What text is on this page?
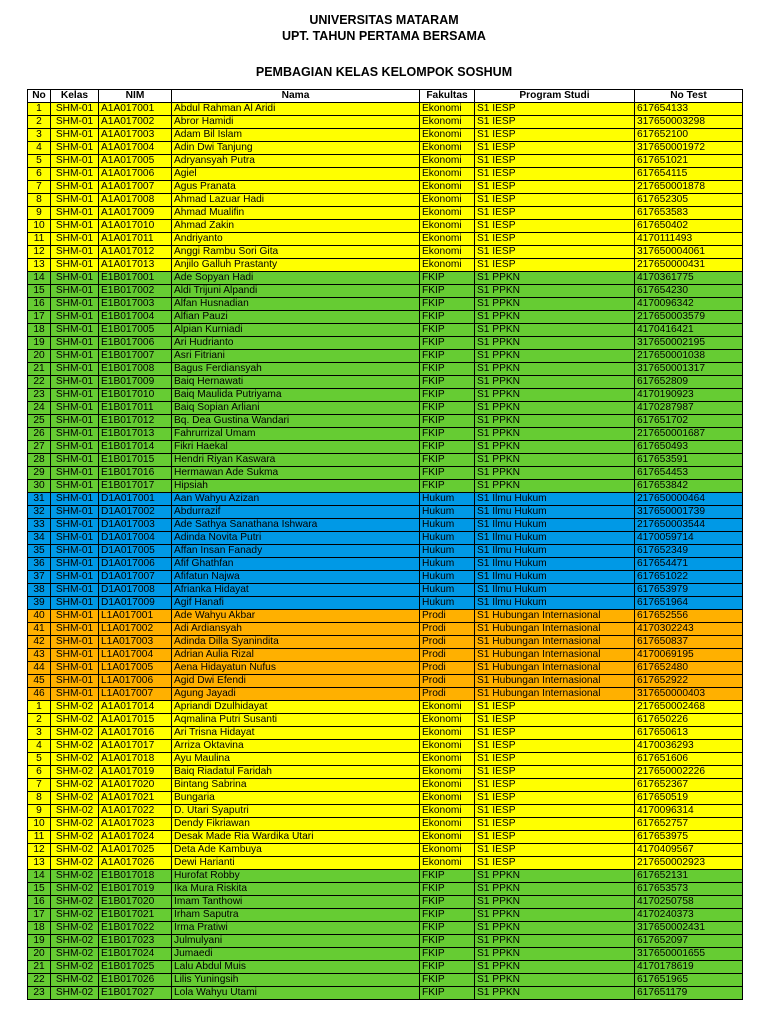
UNIVERSITAS MATARAM
UPT. TAHUN PERTAMA BERSAMA
PEMBAGIAN KELAS KELOMPOK SOSHUM
No	Kelas	NIM	Nama	Fakultas	Program Studi	No Test
1	SHM-01	A1A017001	Abdul Rahman Al Aridi	Ekonomi	S1 IESP	617654133
2	SHM-01	A1A017002	Abror Hamidi	Ekonomi	S1 IESP	317650003298
3	SHM-01	A1A017003	Adam Bil Islam	Ekonomi	S1 IESP	617652100
4	SHM-01	A1A017004	Adin Dwi Tanjung	Ekonomi	S1 IESP	317650001972
5	SHM-01	A1A017005	Adryansyah Putra	Ekonomi	S1 IESP	617651021
6	SHM-01	A1A017006	Agiel	Ekonomi	S1 IESP	617654115
7	SHM-01	A1A017007	Agus Pranata	Ekonomi	S1 IESP	217650001878
8	SHM-01	A1A017008	Ahmad Lazuar Hadi	Ekonomi	S1 IESP	617652305
9	SHM-01	A1A017009	Ahmad Mualifin	Ekonomi	S1 IESP	617653583
10	SHM-01	A1A017010	Ahmad Zakin	Ekonomi	S1 IESP	617650402
11	SHM-01	A1A017011	Andriyanto	Ekonomi	S1 IESP	4170111493
12	SHM-01	A1A017012	Anggi Rambu Sori Gita	Ekonomi	S1 IESP	317650004061
13	SHM-01	A1A017013	Anjilo Galluh Prastanty	Ekonomi	S1 IESP	217650000431
14	SHM-01	E1B017001	Ade Sopyan Hadi	FKIP	S1 PPKN	4170361775
15	SHM-01	E1B017002	Aldi Trijuni Alpandi	FKIP	S1 PPKN	617654230
16	SHM-01	E1B017003	Alfan Husnadian	FKIP	S1 PPKN	4170096342
17	SHM-01	E1B017004	Alfian Pauzi	FKIP	S1 PPKN	217650003579
18	SHM-01	E1B017005	Alpian Kurniadi	FKIP	S1 PPKN	4170416421
19	SHM-01	E1B017006	Ari Hudrianto	FKIP	S1 PPKN	317650002195
20	SHM-01	E1B017007	Asri Fitriani	FKIP	S1 PPKN	217650001038
21	SHM-01	E1B017008	Bagus Ferdiansyah	FKIP	S1 PPKN	317650001317
22	SHM-01	E1B017009	Baiq Hernawati	FKIP	S1 PPKN	617652809
23	SHM-01	E1B017010	Baiq Maulida Putriyama	FKIP	S1 PPKN	4170190923
24	SHM-01	E1B017011	Baiq Sopian Arliani	FKIP	S1 PPKN	4170287987
25	SHM-01	E1B017012	Bq. Dea Gustina Wandari	FKIP	S1 PPKN	617651702
26	SHM-01	E1B017013	Fahrurrizal Umam	FKIP	S1 PPKN	217650001687
27	SHM-01	E1B017014	Fikri Haekal	FKIP	S1 PPKN	617650493
28	SHM-01	E1B017015	Hendri Riyan Kaswara	FKIP	S1 PPKN	617653591
29	SHM-01	E1B017016	Hermawan Ade Sukma	FKIP	S1 PPKN	617654453
30	SHM-01	E1B017017	Hipsiah	FKIP	S1 PPKN	617653842
31	SHM-01	D1A017001	Aan Wahyu Azizan	Hukum	S1 Ilmu Hukum	217650000464
32	SHM-01	D1A017002	Abdurrazif	Hukum	S1 Ilmu Hukum	317650001739
33	SHM-01	D1A017003	Ade Sathya Sanathana Ishwara	Hukum	S1 Ilmu Hukum	217650003544
34	SHM-01	D1A017004	Adinda Novita Putri	Hukum	S1 Ilmu Hukum	4170059714
35	SHM-01	D1A017005	Affan Insan Fanady	Hukum	S1 Ilmu Hukum	617652349
36	SHM-01	D1A017006	Afif Ghathfan	Hukum	S1 Ilmu Hukum	617654471
37	SHM-01	D1A017007	Afifatun Najwa	Hukum	S1 Ilmu Hukum	617651022
38	SHM-01	D1A017008	Afrianka Hidayat	Hukum	S1 Ilmu Hukum	617653979
39	SHM-01	D1A017009	Agif Hanafi	Hukum	S1 Ilmu Hukum	617651964
40	SHM-01	L1A017001	Ade Wahyu Akbar	Prodi	S1 Hubungan Internasional	617652556
41	SHM-01	L1A017002	Adi Ardiansyah	Prodi	S1 Hubungan Internasional	4170302243
42	SHM-01	L1A017003	Adinda Dilla Syanindita	Prodi	S1 Hubungan Internasional	617650837
43	SHM-01	L1A017004	Adrian Aulia Rizal	Prodi	S1 Hubungan Internasional	4170069195
44	SHM-01	L1A017005	Aena Hidayatun Nufus	Prodi	S1 Hubungan Internasional	617652480
45	SHM-01	L1A017006	Agid Dwi Efendi	Prodi	S1 Hubungan Internasional	617652922
46	SHM-01	L1A017007	Agung Jayadi	Prodi	S1 Hubungan Internasional	317650000403
1	SHM-02	A1A017014	Apriandi Dzulhidayat	Ekonomi	S1 IESP	217650002468
2	SHM-02	A1A017015	Aqmalina Putri Susanti	Ekonomi	S1 IESP	617650226
3	SHM-02	A1A017016	Ari Trisna Hidayat	Ekonomi	S1 IESP	617650613
4	SHM-02	A1A017017	Arriza Oktavina	Ekonomi	S1 IESP	4170036293
5	SHM-02	A1A017018	Ayu Maulina	Ekonomi	S1 IESP	617651606
6	SHM-02	A1A017019	Baiq Riadatul Faridah	Ekonomi	S1 IESP	217650002226
7	SHM-02	A1A017020	Bintang Sabrina	Ekonomi	S1 IESP	617652367
8	SHM-02	A1A017021	Bungaria	Ekonomi	S1 IESP	617650519
9	SHM-02	A1A017022	D. Utari Syaputri	Ekonomi	S1 IESP	4170096314
10	SHM-02	A1A017023	Dendy Fikriawan	Ekonomi	S1 IESP	617652757
11	SHM-02	A1A017024	Desak Made Ria Wardika Utari	Ekonomi	S1 IESP	617653975
12	SHM-02	A1A017025	Deta Ade Kambuya	Ekonomi	S1 IESP	4170409567
13	SHM-02	A1A017026	Dewi Harianti	Ekonomi	S1 IESP	217650002923
14	SHM-02	E1B017018	Hurofat Robby	FKIP	S1 PPKN	617652131
15	SHM-02	E1B017019	Ika Mura Riskita	FKIP	S1 PPKN	617653573
16	SHM-02	E1B017020	Imam Tanthowi	FKIP	S1 PPKN	4170250758
17	SHM-02	E1B017021	Irham Saputra	FKIP	S1 PPKN	4170240373
18	SHM-02	E1B017022	Irma Pratiwi	FKIP	S1 PPKN	317650002431
19	SHM-02	E1B017023	Julmulyani	FKIP	S1 PPKN	617652097
20	SHM-02	E1B017024	Jumaedi	FKIP	S1 PPKN	317650001655
21	SHM-02	E1B017025	Lalu Abdul Muis	FKIP	S1 PPKN	4170178619
22	SHM-02	E1B017026	Lilis Yuningsih	FKIP	S1 PPKN	617651965
23	SHM-02	E1B017027	Lola Wahyu Utami	FKIP	S1 PPKN	617651179
